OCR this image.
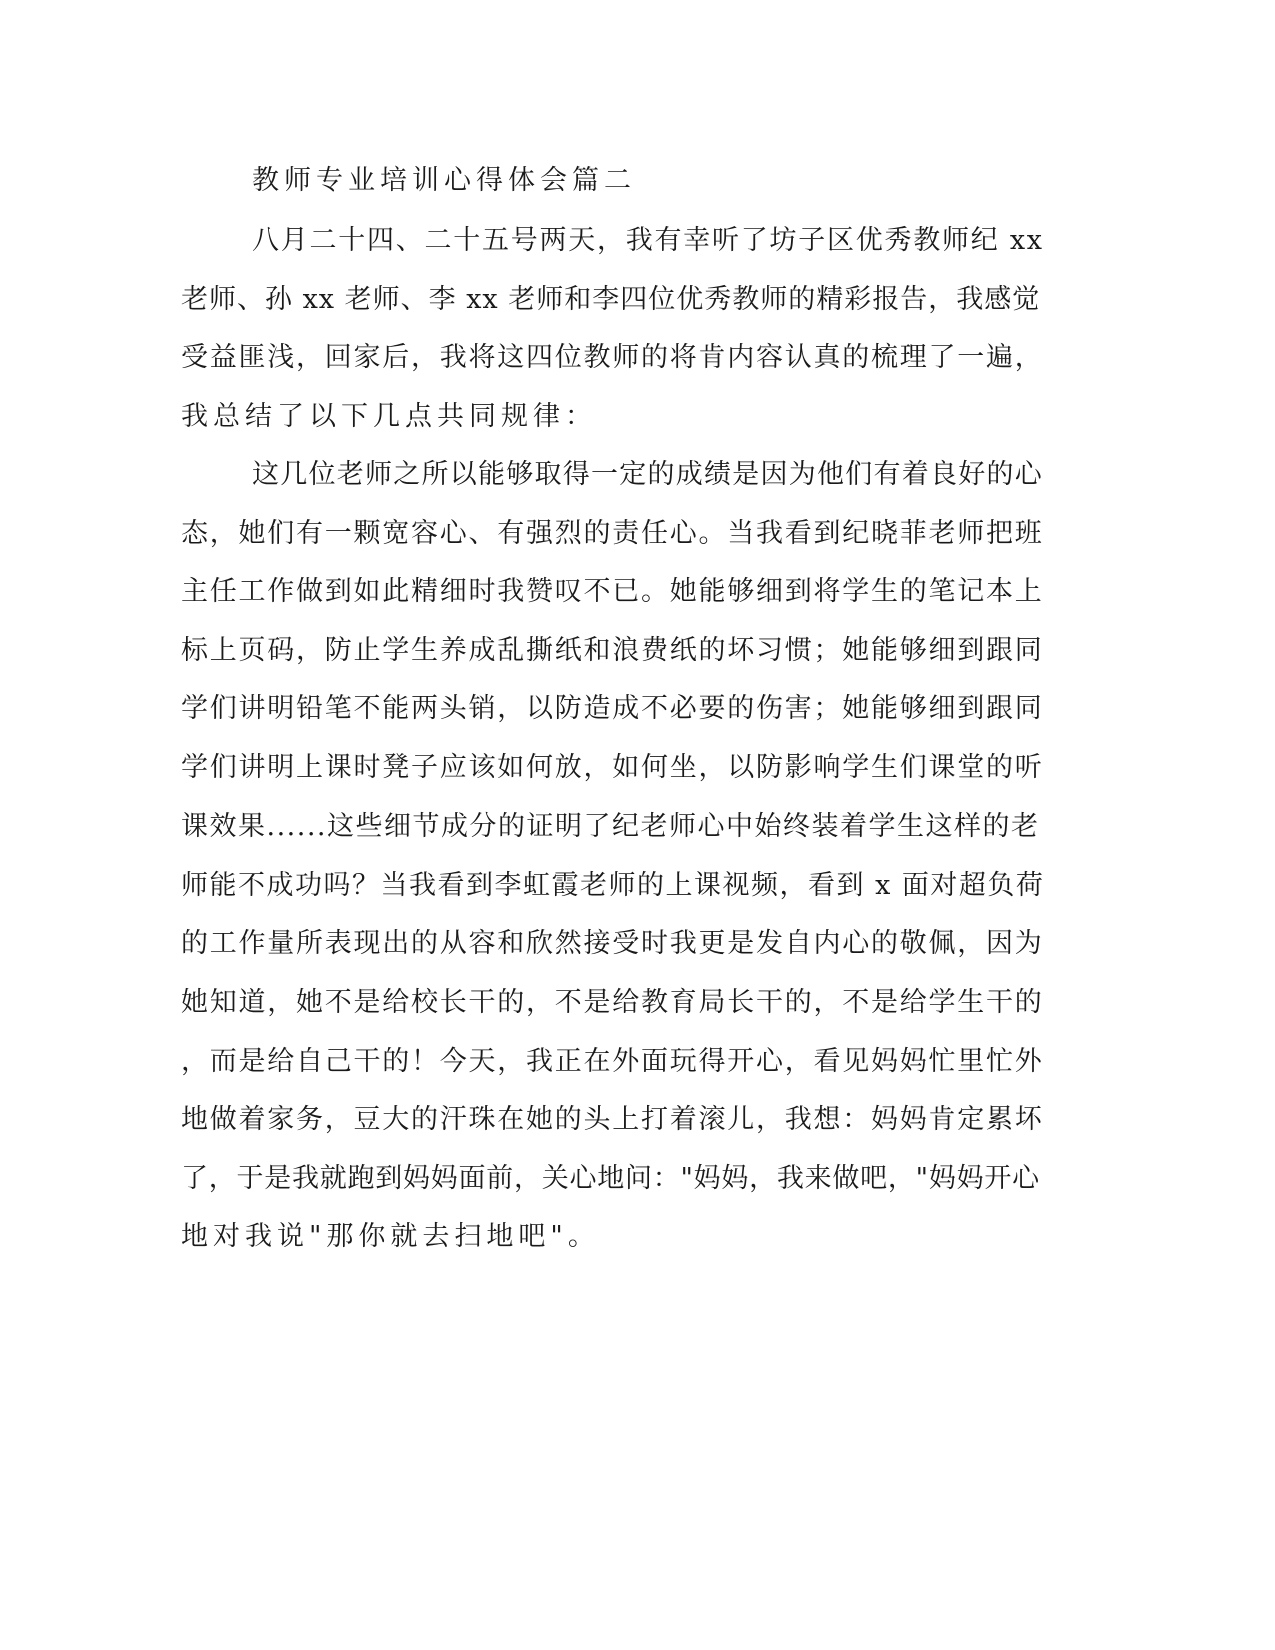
教师专业培训心得体会篇二
八月二十四、二十五号两天，我有幸听了坊子区优秀教师纪 xx
老师、孙 xx 老师、李 xx 老师和李四位优秀教师的精彩报告，我感觉
受益匪浅，回家后，我将这四位教师的将肯内容认真的梳理了一遍，
我总结了以下几点共同规律：
这几位老师之所以能够取得一定的成绩是因为他们有着良好的心
态，她们有一颗宽容心、有强烈的责任心。当我看到纪晓菲老师把班
主任工作做到如此精细时我赞叹不已。她能够细到将学生的笔记本上
标上页码，防止学生养成乱撕纸和浪费纸的坏习惯；她能够细到跟同
学们讲明铅笔不能两头销，以防造成不必要的伤害；她能够细到跟同
学们讲明上课时凳子应该如何放，如何坐，以防影响学生们课堂的听
课效果......这些细节成分的证明了纪老师心中始终装着学生这样的老
师能不成功吗？当我看到李虹霞老师的上课视频，看到 x 面对超负荷
的工作量所表现出的从容和欣然接受时我更是发自内心的敬佩，因为
她知道，她不是给校长干的，不是给教育局长干的，不是给学生干的
，而是给自己干的！今天，我正在外面玩得开心，看见妈妈忙里忙外
地做着家务，豆大的汗珠在她的头上打着滚儿，我想：妈妈肯定累坏
了，于是我就跑到妈妈面前，关心地问："妈妈，我来做吧，"妈妈开心
地对我说"那你就去扫地吧"。
